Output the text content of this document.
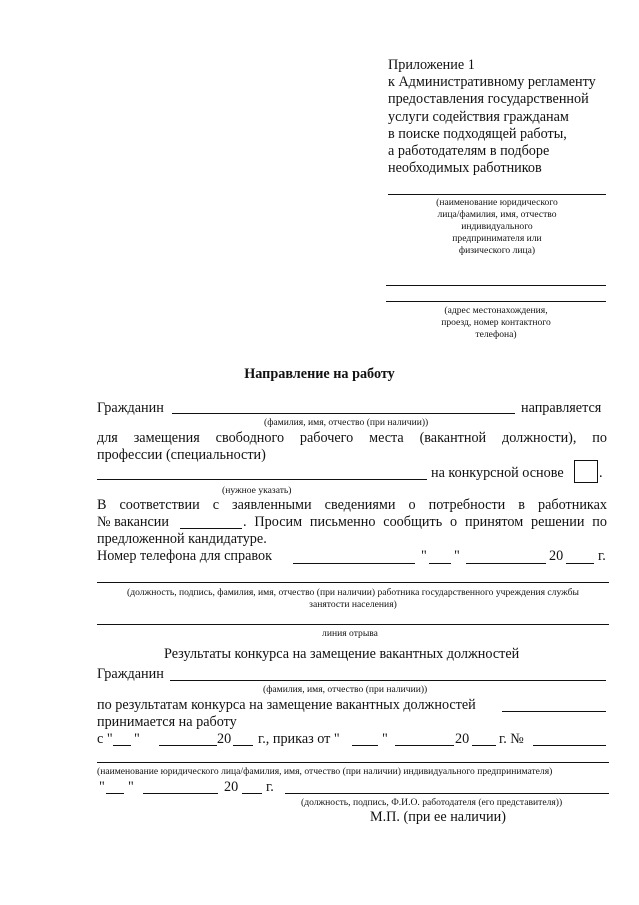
Приложение 1
к Административному регламенту
предоставления государственной
услуги содействия гражданам
в поиске подходящей работы,
а работодателям в подборе
необходимых работников
(наименование юридического
лица/фамилия, имя, отчество
индивидуального
предпринимателя или
физического лица)
(адрес местонахождения,
проезд, номер контактного
телефона)
Направление на работу
Гражданин	направляется
(фамилия, имя, отчество (при наличии))
для замещения свободного рабочего места (вакантной должности), по
профессии (специальности)
на конкурсной основе .
(нужное указать)
В соответствии с заявленными сведениями о потребности в работниках
№ вакансии	. Просим письменно сообщить о принятом решении по
предложенной кандидатуре.
Номер телефона для справок	" "	20 г.
(должность, подпись, фамилия, имя, отчество (при наличии) работника государственного учреждения службы
занятости населения)
линия отрыва
Результаты конкурса на замещение вакантных должностей
Гражданин
(фамилия, имя, отчество (при наличии))
по результатам конкурса на замещение вакантных должностей
принимается на работу
с " "	20 г., приказ от "	"	20 г. №
(наименование юридического лица/фамилия, имя, отчество (при наличии) индивидуального предпринимателя)
" "	20 г.
(должность, подпись, Ф.И.О. работодателя (его представителя))
М.П. (при ее наличии)
